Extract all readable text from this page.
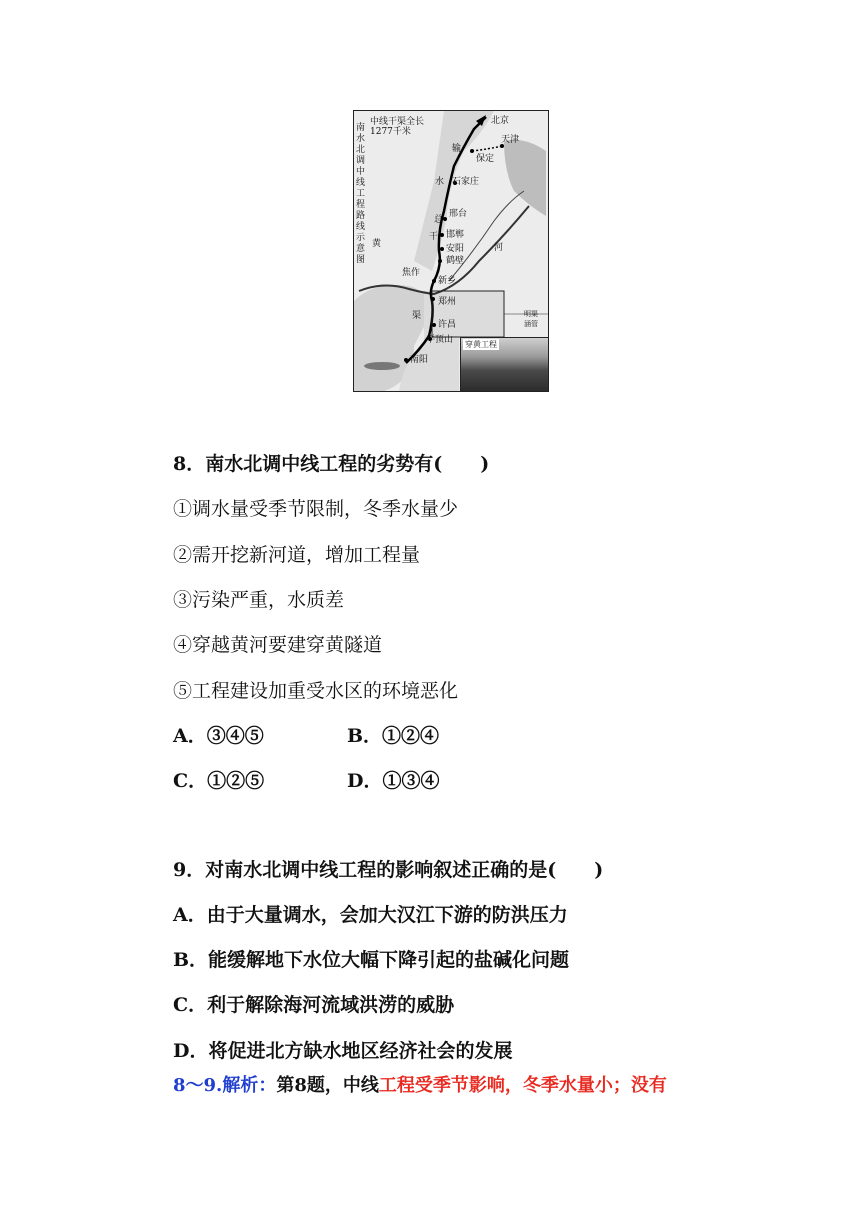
南水北调中线工程路线示意图
中线干渠全长
1277千米
北京
天津
保定
石家庄
邢台
邯郸
安阳
鹤壁
新乡
焦作
郑州
许昌
平顶山
南阳
输
水
总
干
渠
黄	河
明渠
涵管
穿黄工程
8．南水北调中线工程的劣势有(　　)
①调水量受季节限制，冬季水量少
②需开挖新河道，增加工程量
③污染严重，水质差
④穿越黄河要建穿黄隧道
⑤工程建设加重受水区的环境恶化
A．③④⑤	B．①②④
C．①②⑤	D．①③④
9．对南水北调中线工程的影响叙述正确的是(　　)
A．由于大量调水，会加大汉江下游的防洪压力
B．能缓解地下水位大幅下降引起的盐碱化问题
C．利于解除海河流域洪涝的威胁
D．将促进北方缺水地区经济社会的发展
8～9.解析：第8题，中线工程受季节影响，冬季水量小；没有
